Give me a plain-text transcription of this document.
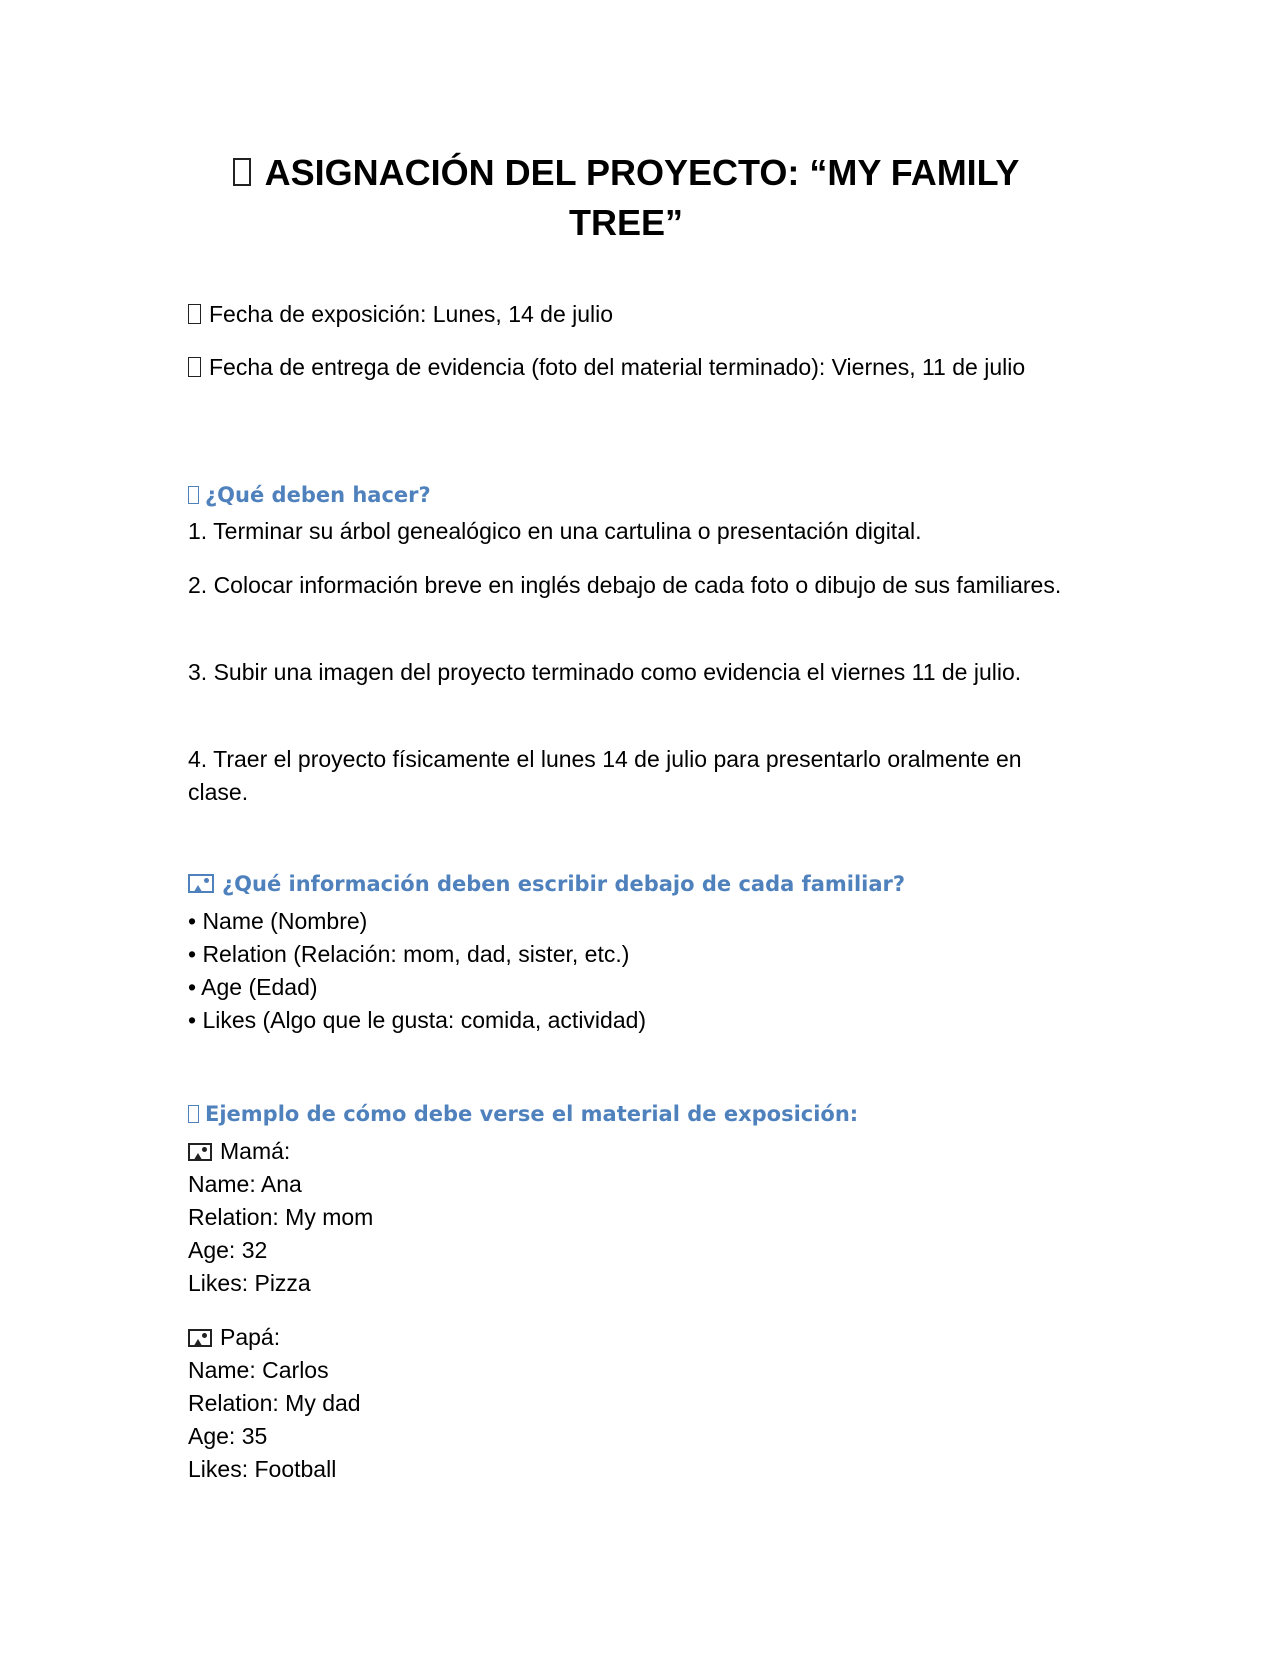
ASIGNACIÓN DEL PROYECTO: “MY FAMILY TREE”

Fecha de exposición: Lunes, 14 de julio

Fecha de entrega de evidencia (foto del material terminado): Viernes, 11 de julio

¿Qué deben hacer?

1. Terminar su árbol genealógico en una cartulina o presentación digital.

2. Colocar información breve en inglés debajo de cada foto o dibujo de sus familiares.

3. Subir una imagen del proyecto terminado como evidencia el viernes 11 de julio.

4. Traer el proyecto físicamente el lunes 14 de julio para presentarlo oralmente en clase.

¿Qué información deben escribir debajo de cada familiar?

• Name (Nombre)

• Relation (Relación: mom, dad, sister, etc.)

• Age (Edad)

• Likes (Algo que le gusta: comida, actividad)

Ejemplo de cómo debe verse el material de exposición:

Mamá:

Name: Ana

Relation: My mom

Age: 32

Likes: Pizza

Papá:

Name: Carlos

Relation: My dad

Age: 35

Likes: Football
